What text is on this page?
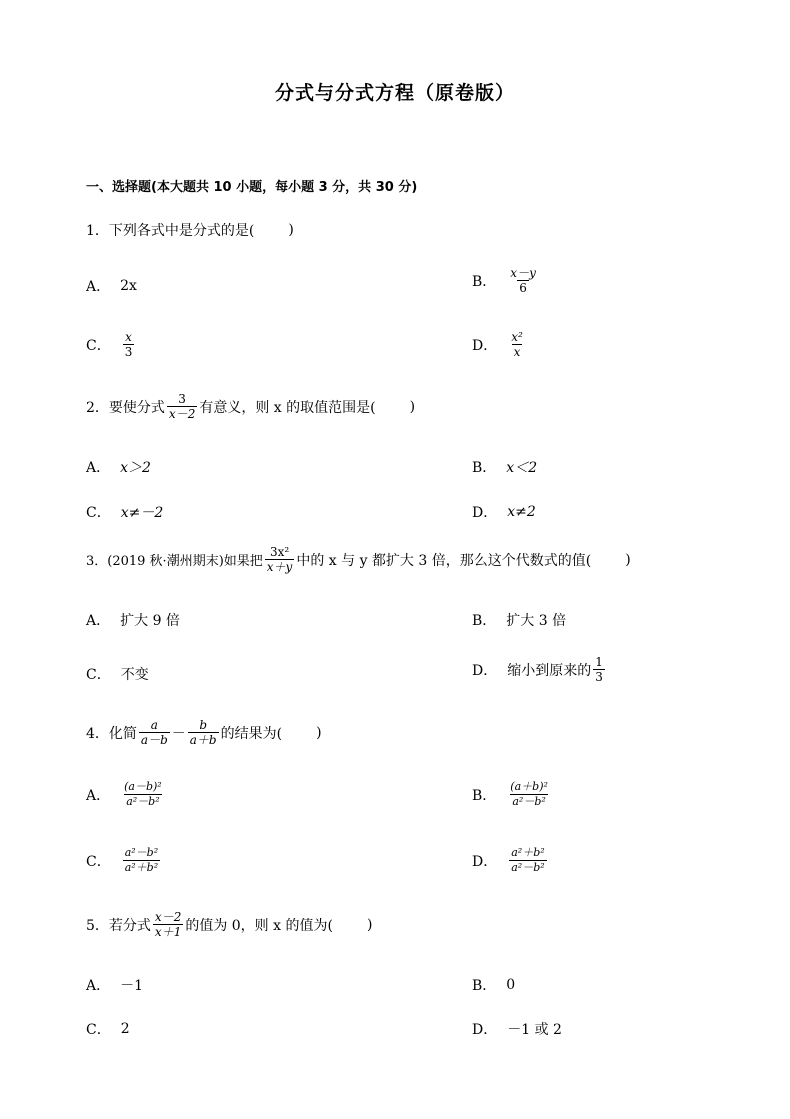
分式与分式方程（原卷版）
一、选择题(本大题共 10 小题，每小题 3 分，共 30 分)
1．下列各式中是分式的是( )
A． 2x	B． $\frac{x-y}{6}$
C． $\frac{x}{3}$	D． $\frac{\text{x²}}{x}$
2．要使分式 $\frac{3}{x-2}$ 有意义，则 x 的取值范围是( )
A． x＞2	B． x＜2
C． x≠－2	D． x≠2
3．(2019 秋·潮州期末)如果把 $\frac{\text{3x²}}{x+y}$ 中的 x 与 y 都扩大 3 倍，那么这个代数式的值( )
A． 扩大 9 倍	B． 扩大 3 倍
C． 不变	D． 缩小到原来的 $\frac{1}{3}$
4．化简 $\frac{a}{a-b} - \frac{b}{a+b}$ 的结果为( )
A． $\frac{\text{(a－b)²}}{\text{a²－b²}}$	B． $\frac{\text{(a＋b)²}}{\text{a²－b²}}$
C． $\frac{\text{a²－b²}}{\text{a²＋b²}}$	D． $\frac{\text{a²＋b²}}{\text{a²－b²}}$
5．若分式 $\frac{x-2}{x+1}$ 的值为 0，则 x 的值为( )
A． －1	B． 0
C． 2	D． －1 或 2
